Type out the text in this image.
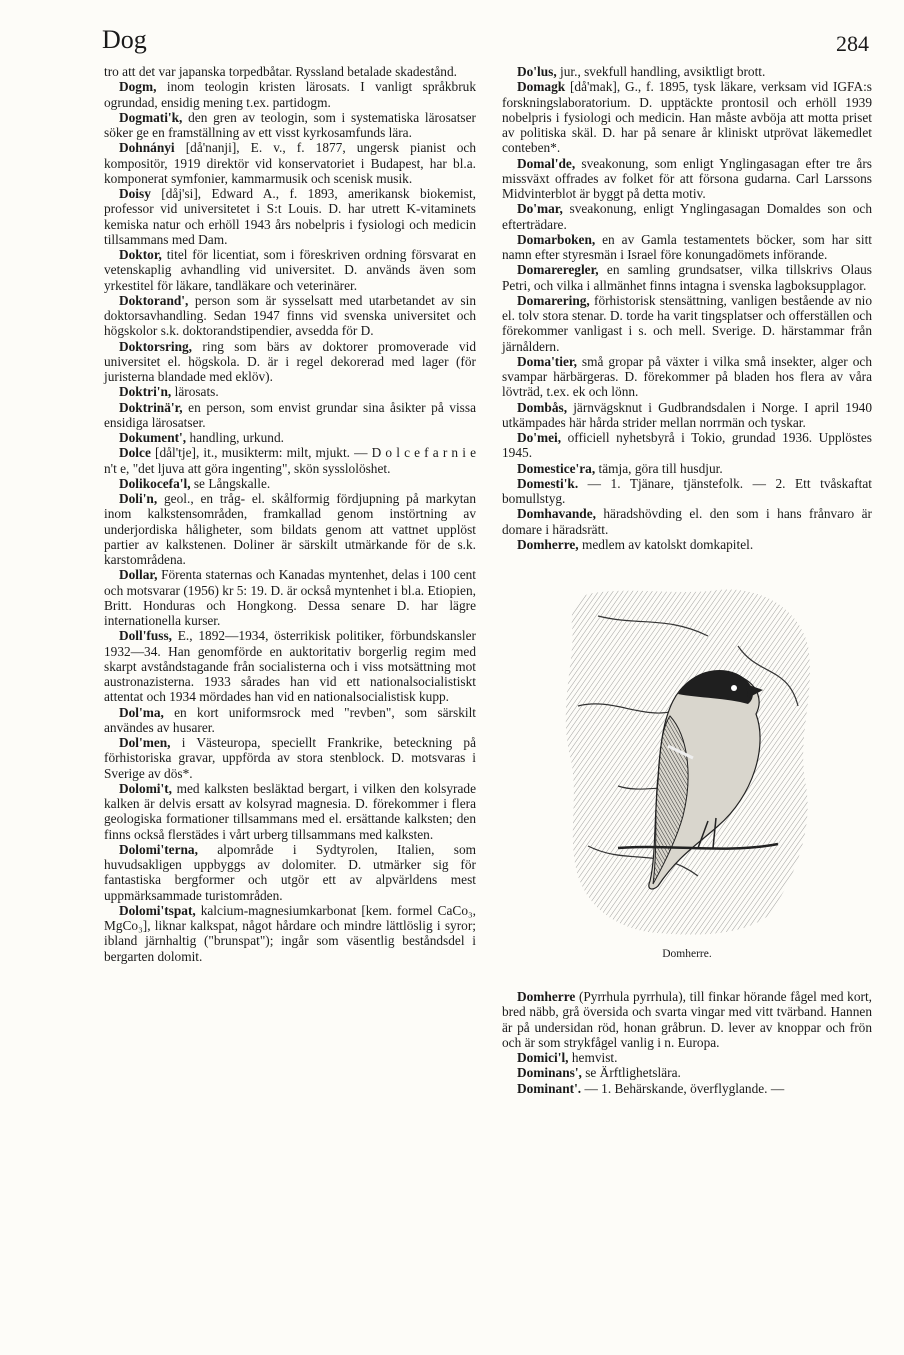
Dog	284

tro att det var japanska torpedbåtar. Ryssland betalade skadestånd.

Dogm, inom teologin kristen lärosats. I vanligt språkbruk ogrundad, ensidig mening t.ex. partidogm.

Dogmati'k, den gren av teologin, som i systematiska lärosatser söker ge en framställning av ett visst kyrkosamfunds lära.

Dohnányi [då'nanji], E. v., f. 1877, ungersk pianist och kompositör, 1919 direktör vid konservatoriet i Budapest, har bl.a. komponerat symfonier, kammarmusik och scenisk musik.

Doisy [dåj'si], Edward A., f. 1893, amerikansk biokemist, professor vid universitetet i S:t Louis. D. har utrett K-vitaminets kemiska natur och erhöll 1943 års nobelpris i fysiologi och medicin tillsammans med Dam.

Doktor, titel för licentiat, som i föreskriven ordning försvarat en vetenskaplig avhandling vid universitet. D. används även som yrkestitel för läkare, tandläkare och veterinärer.

Doktorand', person som är sysselsatt med utarbetandet av sin doktorsavhandling. Sedan 1947 finns vid svenska universitet och högskolor s.k. doktorandstipendier, avsedda för D.

Doktorsring, ring som bärs av doktorer promoverade vid universitet el. högskola. D. är i regel dekorerad med lager (för juristerna blandade med eklöv).

Doktri'n, lärosats.

Doktrinä'r, en person, som envist grundar sina åsikter på vissa ensidiga lärosatser.

Dokument', handling, urkund.

Dolce [dål'tje], it., musikterm: milt, mjukt. — D o l c e f a r n i e n't e, "det ljuva att göra ingenting", skön sysslolöshet.

Dolikocefa'l, se Långskalle.

Doli'n, geol., en tråg- el. skålformig fördjupning på markytan inom kalkstensområden, framkallad genom instörtning av underjordiska håligheter, som bildats genom att vattnet upplöst partier av kalkstenen. Doliner är särskilt utmärkande för de s.k. karstområdena.

Dollar, Förenta staternas och Kanadas myntenhet, delas i 100 cent och motsvarar (1956) kr 5: 19. D. är också myntenhet i bl.a. Etiopien, Britt. Honduras och Hongkong. Dessa senare D. har lägre internationella kurser.

Doll'fuss, E., 1892—1934, österrikisk politiker, förbundskansler 1932—34. Han genomförde en auktoritativ borgerlig regim med skarpt avståndstagande från socialisterna och i viss motsättning mot austronazisterna. 1933 sårades han vid ett nationalsocialistiskt attentat och 1934 mördades han vid en nationalsocialistisk kupp.

Dol'ma, en kort uniformsrock med "revben", som särskilt användes av husarer.

Dol'men, i Västeuropa, speciellt Frankrike, beteckning på förhistoriska gravar, uppförda av stora stenblock. D. motsvaras i Sverige av dös*.

Dolomi't, med kalksten besläktad bergart, i vilken den kolsyrade kalken är delvis ersatt av kolsyrad magnesia. D. förekommer i flera geologiska formationer tillsammans med el. ersättande kalksten; den finns också flerstädes i vårt urberg tillsammans med kalksten.

Dolomi'terna, alpområde i Sydtyrolen, Italien, som huvudsakligen uppbyggs av dolomiter. D. utmärker sig för fantastiska bergformer och utgör ett av alpvärldens mest uppmärksammade turistområden.

Dolomi'tspat, kalcium-magnesiumkarbonat [kem. formel CaCo₃, MgCo₃], liknar kalkspat, något hårdare och mindre lättlöslig i syror; ibland järnhaltig ("brunspat"); ingår som väsentlig beståndsdel i bergarten dolomit.

Do'lus, jur., svekfull handling, avsiktligt brott.

Domagk [då'mak], G., f. 1895, tysk läkare, verksam vid IGFA:s forskningslaboratorium. D. upptäckte prontosil och erhöll 1939 nobelpris i fysiologi och medicin. Han måste avböja att motta priset av politiska skäl. D. har på senare år kliniskt utprövat läkemedlet conteben*.

Domal'de, sveakonung, som enligt Ynglingasagan efter tre års missväxt offrades av folket för att försona gudarna. Carl Larssons Midvinterblot är byggt på detta motiv.

Do'mar, sveakonung, enligt Ynglingasagan Domaldes son och efterträdare.

Domarboken, en av Gamla testamentets böcker, som har sitt namn efter styresmän i Israel före konungadömets införande.

Domareregler, en samling grundsatser, vilka tillskrivs Olaus Petri, och vilka i allmänhet finns intagna i svenska lagboksupplagor.

Domarering, förhistorisk stensättning, vanligen bestående av nio el. tolv stora stenar. D. torde ha varit tingsplatser och offerställen och förekommer vanligast i s. och mell. Sverige. D. härstammar från järnåldern.

Doma'tier, små gropar på växter i vilka små insekter, alger och svampar härbärgeras. D. förekommer på bladen hos flera av våra lövträd, t.ex. ek och lönn.

Dombås, järnvägsknut i Gudbrandsdalen i Norge. I april 1940 utkämpades här hårda strider mellan norrmän och tyskar.

Do'mei, officiell nyhetsbyrå i Tokio, grundad 1936. Upplöstes 1945.

Domestice'ra, tämja, göra till husdjur.

Domesti'k. — 1. Tjänare, tjänstefolk. — 2. Ett tvåskaftat bomullstyg.

Domhavande, häradshövding el. den som i hans frånvaro är domare i häradsrätt.

Domherre, medlem av katolskt domkapitel.

Domherre.

Domherre (Pyrrhula pyrrhula), till finkar hörande fågel med kort, bred näbb, grå översida och svarta vingar med vitt tvärband. Hannen är på undersidan röd, honan gråbrun. D. lever av knoppar och frön och är som strykfågel vanlig i n. Europa.

Domici'l, hemvist.

Dominans', se Ärftlighetslära.

Dominant'. — 1. Behärskande, överflyglande. —
